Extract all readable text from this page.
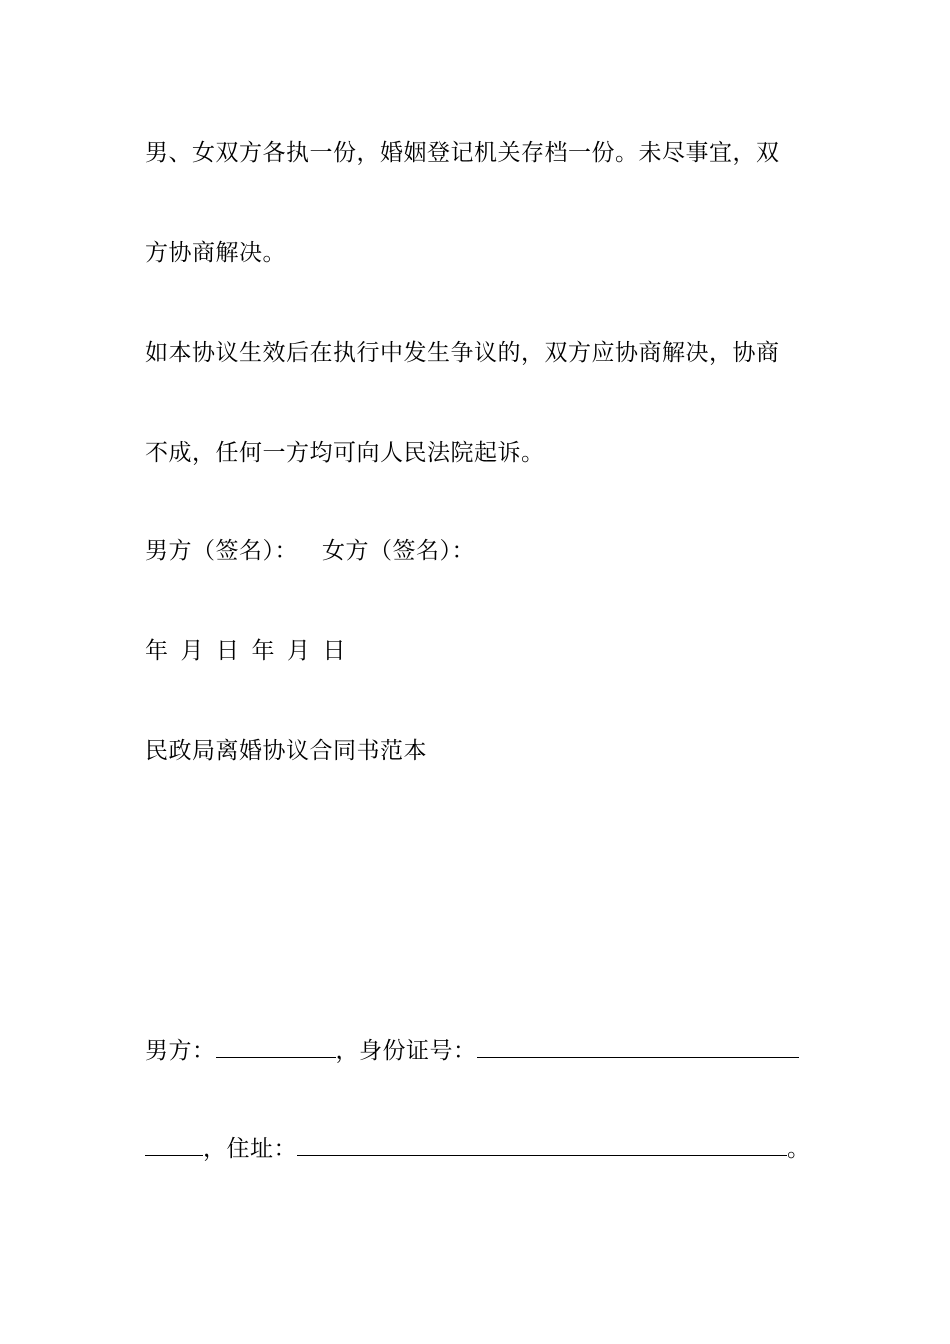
男、女双方各执一份，婚姻登记机关存档一份。未尽事宜，双
方协商解决。
如本协议生效后在执行中发生争议的，双方应协商解决，协商
不成，任何一方均可向人民法院起诉。
男方（签名）： 女方（签名）：
年 月 日 年 月 日
民政局离婚协议合同书范本
男方：	，身份证号：
，住址：	。
